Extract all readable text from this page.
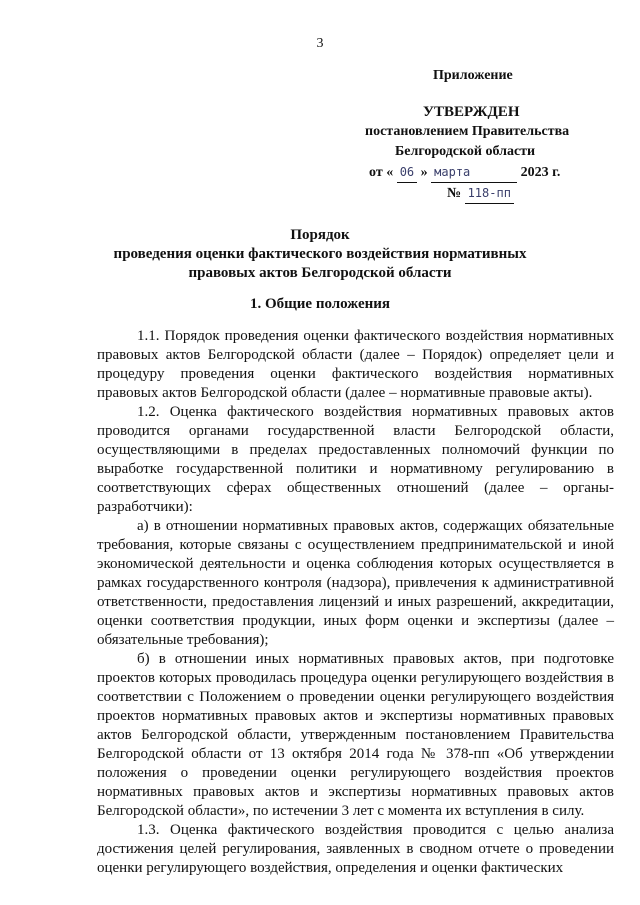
3
Приложение
УТВЕРЖДЕН
постановлением Правительства
Белгородской области
от « 06 » марта	2023 г.
№ 118-пп
Порядок
проведения оценки фактического воздействия нормативных
правовых актов Белгородской области
1. Общие положения

1.1. Порядок проведения оценки фактического воздействия нормативных правовых актов Белгородской области (далее – Порядок) определяет цели и процедуру проведения оценки фактического воздействия нормативных правовых актов Белгородской области (далее – нормативные правовые акты).

1.2. Оценка фактического воздействия нормативных правовых актов проводится органами государственной власти Белгородской области, осуществляющими в пределах предоставленных полномочий функции по выработке государственной политики и нормативному регулированию в соответствующих сферах общественных отношений (далее – органы-разработчики):

а) в отношении нормативных правовых актов, содержащих обязательные требования, которые связаны с осуществлением предпринимательской и иной экономической деятельности и оценка соблюдения которых осуществляется в рамках государственного контроля (надзора), привлечения к административной ответственности, предоставления лицензий и иных разрешений, аккредитации, оценки соответствия продукции, иных форм оценки и экспертизы (далее – обязательные требования);

б) в отношении иных нормативных правовых актов, при подготовке проектов которых проводилась процедура оценки регулирующего воздействия в соответствии с Положением о проведении оценки регулирующего воздействия проектов нормативных правовых актов и экспертизы нормативных правовых актов Белгородской области, утвержденным постановлением Правительства Белгородской области от 13 октября 2014 года № 378-пп «Об утверждении положения о проведении оценки регулирующего воздействия проектов нормативных правовых актов и экспертизы нормативных правовых актов Белгородской области», по истечении 3 лет с момента их вступления в силу.

1.3. Оценка фактического воздействия проводится с целью анализа достижения целей регулирования, заявленных в сводном отчете о проведении оценки регулирующего воздействия, определения и оценки фактических
